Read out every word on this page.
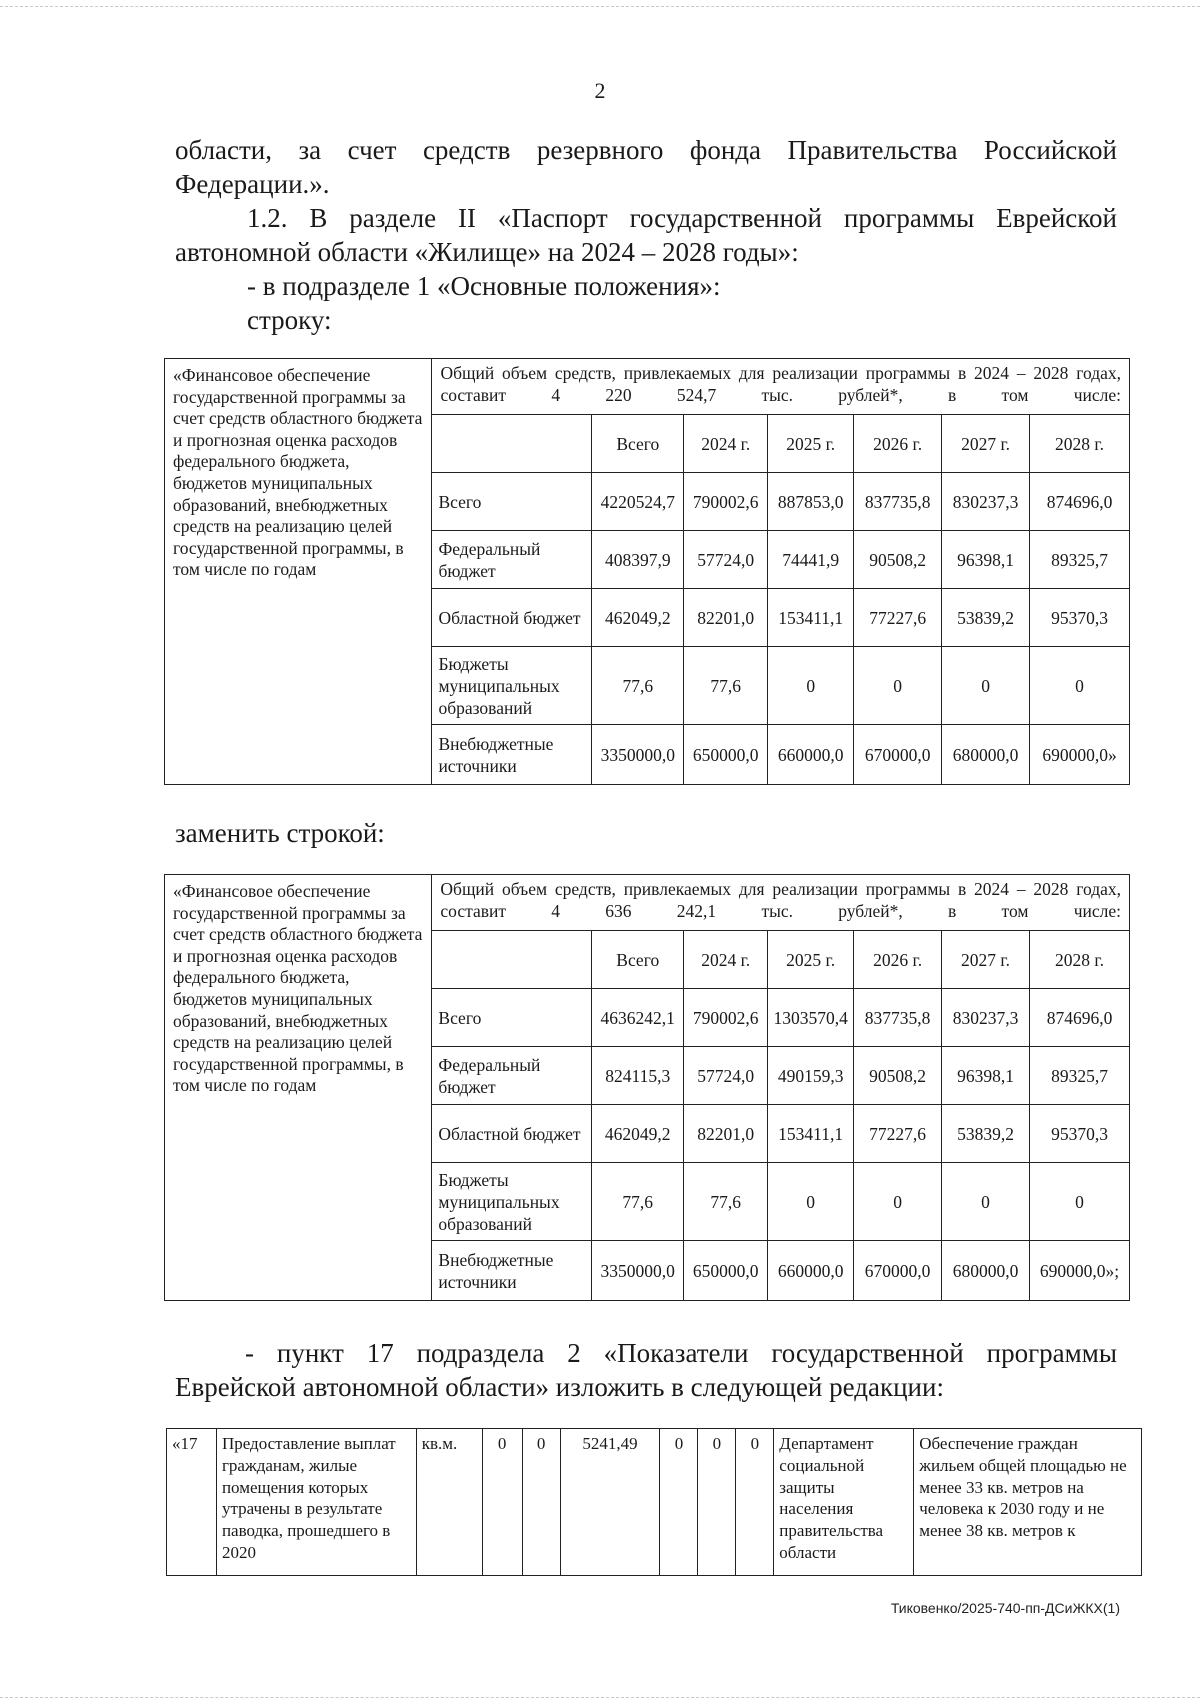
2
области, за счет средств резервного фонда Правительства Российской
Федерации.».
1.2. В разделе II «Паспорт государственной программы Еврейской
автономной области «Жилище» на 2024 – 2028 годы»:
- в подразделе 1 «Основные положения»:
строку:
«Финансовое обеспечение государственной программы за счет средств областного бюджета и прогнозная оценка расходов федерального бюджета, бюджетов муниципальных образований, внебюджетных средств на реализацию целей государственной программы, в том числе по годам	Общий объем средств, привлекаемых для реализации программы в 2024 – 2028 годах, составит 4 220 524,7 тыс. рублей*, в том числе:						
		Всего	2024 г.	2025 г.	2026 г.	2027 г.	2028 г.
	Всего	4220524,7	790002,6	887853,0	837735,8	830237,3	874696,0
	Федеральный бюджет	408397,9	57724,0	74441,9	90508,2	96398,1	89325,7
	Областной бюджет	462049,2	82201,0	153411,1	77227,6	53839,2	95370,3
	Бюджеты муниципальных образований	77,6	77,6	0	0	0	0
	Внебюджетные источники	3350000,0	650000,0	660000,0	670000,0	680000,0	690000,0»
заменить строкой:
«Финансовое обеспечение государственной программы за счет средств областного бюджета и прогнозная оценка расходов федерального бюджета, бюджетов муниципальных образований, внебюджетных средств на реализацию целей государственной программы, в том числе по годам	Общий объем средств, привлекаемых для реализации программы в 2024 – 2028 годах, составит 4 636 242,1 тыс. рублей*, в том числе:						
		Всего	2024 г.	2025 г.	2026 г.	2027 г.	2028 г.
	Всего	4636242,1	790002,6	1303570,4	837735,8	830237,3	874696,0
	Федеральный бюджет	824115,3	57724,0	490159,3	90508,2	96398,1	89325,7
	Областной бюджет	462049,2	82201,0	153411,1	77227,6	53839,2	95370,3
	Бюджеты муниципальных образований	77,6	77,6	0	0	0	0
	Внебюджетные источники	3350000,0	650000,0	660000,0	670000,0	680000,0	690000,0»;
- пункт 17 подраздела 2 «Показатели государственной программы
Еврейской автономной области» изложить в следующей редакции:
«17	Предоставление выплат гражданам, жилые помещения которых утрачены в результате паводка, прошедшего в 2020	кв.м.	0	0	5241,49	0	0	0	Департамент социальной защиты населения правительства области	Обеспечение граждан жильем общей площадью не менее 33 кв. метров на человека к 2030 году и не менее 38 кв. метров к
Тиковенко/2025-740-пп-ДСиЖКХ(1)
